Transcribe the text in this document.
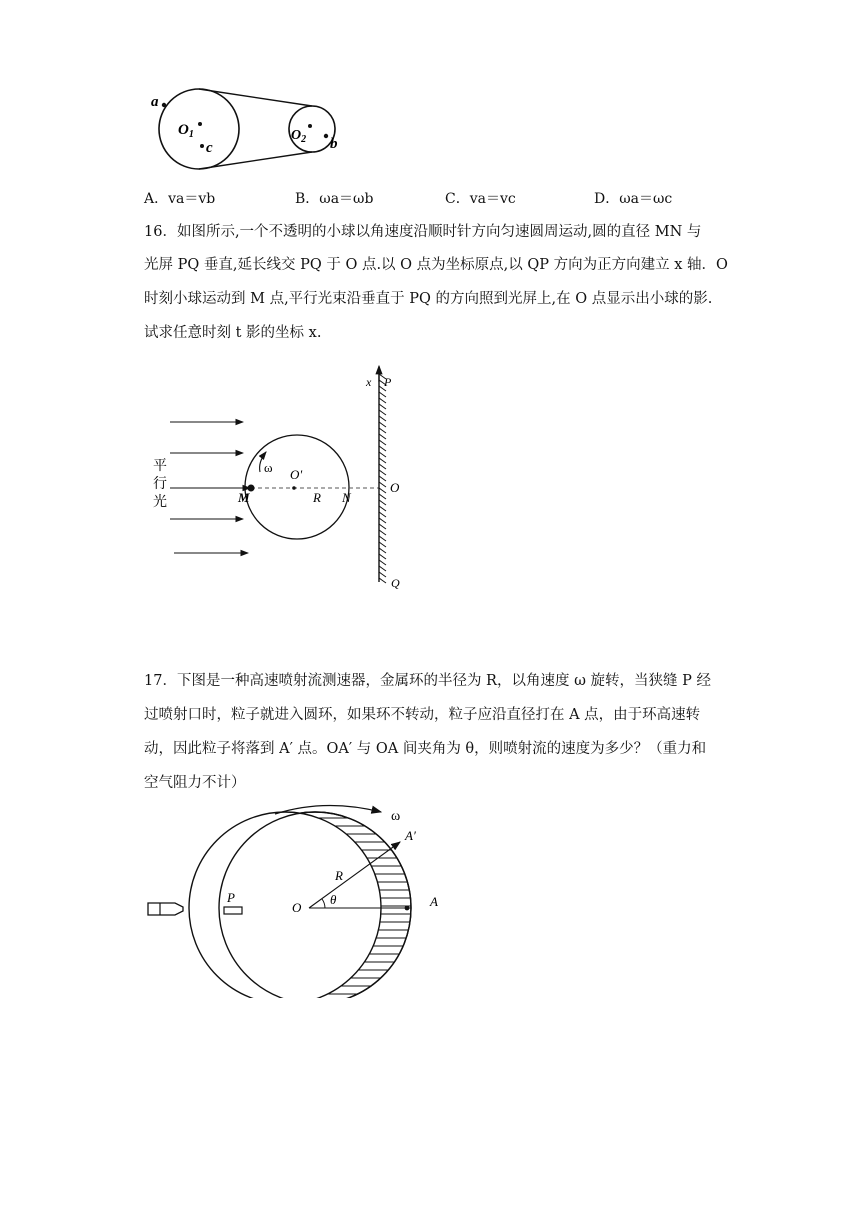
a
$O_1$
c
$O_2$ b
A．va＝vb	B．ωa＝ωb	C．va＝vc	D．ωa＝ωc
16．如图所示,一个不透明的小球以角速度沿顺时针方向匀速圆周运动,圆的直径 MN 与
光屏 PQ 垂直,延长线交 PQ 于 O 点.以 O 点为坐标原点,以 QP 方向为正方向建立 x 轴．O
时刻小球运动到 M 点,平行光束沿垂直于 PQ 的方向照到光屏上,在 O 点显示出小球的影.
试求任意时刻 t 影的坐标 x.
平
行
光
ω O'
R
M	N
x P
O
Q
17．下图是一种高速喷射流测速器，金属环的半径为 R，以角速度 ω 旋转，当狭缝 P 经
过喷射口时，粒子就进入圆环，如果环不转动，粒子应沿直径打在 A 点，由于环高速转
动，因此粒子将落到 A′ 点。OA′ 与 OA 间夹角为 θ，则喷射流的速度为多少？（重力和
空气阻力不计）
ω
A′
R
O
θ	A
P
